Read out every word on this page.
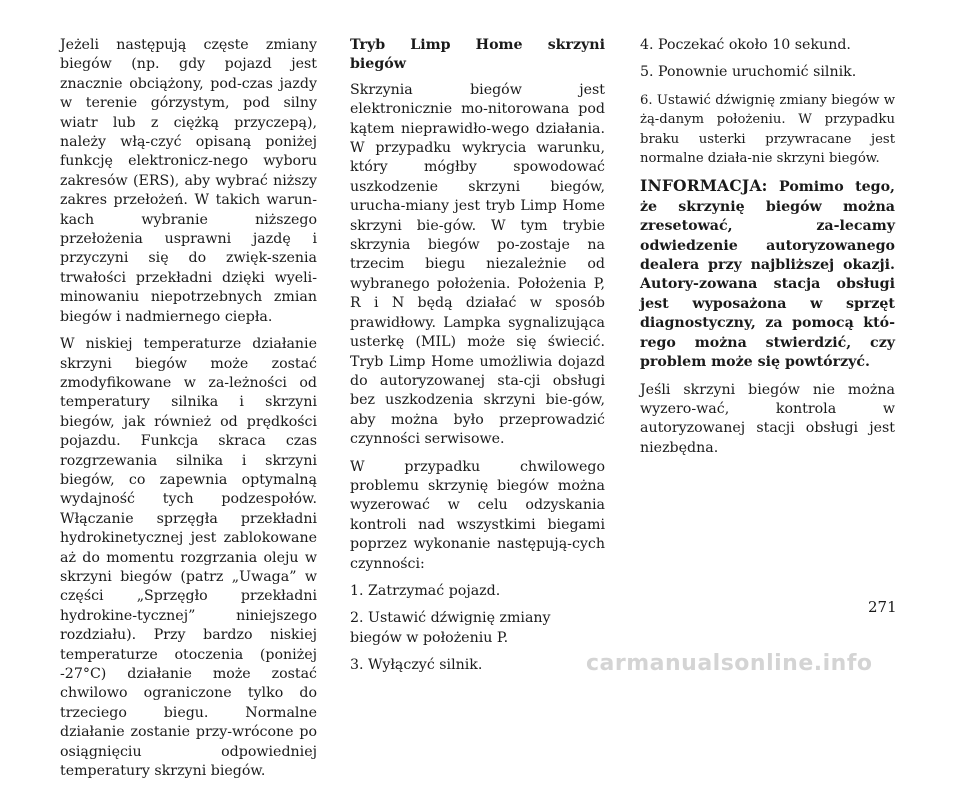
Jeżeli następują częste zmiany biegów (np. gdy pojazd jest znacznie obciążony, pod-czas jazdy w terenie górzystym, pod silny wiatr lub z ciężką przyczepą), należy włą-czyć opisaną poniżej funkcję elektronicz-nego wyboru zakresów (ERS), aby wybrać niższy zakres przełożeń. W takich warun-kach wybranie niższego przełożenia usprawni jazdę i przyczyni się do zwięk-szenia trwałości przekładni dzięki wyeli-minowaniu niepotrzebnych zmian biegów i nadmiernego ciepła.

W niskiej temperaturze działanie skrzyni biegów może zostać zmodyfikowane w za-leżności od temperatury silnika i skrzyni biegów, jak również od prędkości pojazdu. Funkcja skraca czas rozgrzewania silnika i skrzyni biegów, co zapewnia optymalną wydajność tych podzespołów. Włączanie sprzęgła przekładni hydrokinetycznej jest zablokowane aż do momentu rozgrzania oleju w skrzyni biegów (patrz „Uwaga” w części „Sprzęgło przekładni hydrokine-tycznej” niniejszego rozdziału). Przy bardzo niskiej temperaturze otoczenia (poniżej -27°C) działanie może zostać chwilowo ograniczone tylko do trzeciego biegu. Normalne działanie zostanie przy-wrócone po osiągnięciu odpowiedniej temperatury skrzyni biegów.

Tryb Limp Home skrzyni biegów

Skrzynia biegów jest elektronicznie mo-nitorowana pod kątem nieprawidło-wego działania. W przypadku wykrycia warunku, który mógłby spowodować uszkodzenie skrzyni biegów, urucha-miany jest tryb Limp Home skrzyni bie-gów. W tym trybie skrzynia biegów po-zostaje na trzecim biegu niezależnie od wybranego położenia. Położenia P, R i N będą działać w sposób prawidłowy. Lampka sygnalizująca usterkę (MIL) może się świecić. Tryb Limp Home umożliwia dojazd do autoryzowanej sta-cji obsługi bez uszkodzenia skrzyni bie-gów, aby można było przeprowadzić czynności serwisowe.

W przypadku chwilowego problemu skrzynię biegów można wyzerować w celu odzyskania kontroli nad wszystkimi biegami poprzez wykonanie następują-cych czynności:

1. Zatrzymać pojazd.

2. Ustawić dźwignię zmiany biegów w położeniu P.

3. Wyłączyć silnik.

4. Poczekać około 10 sekund.

5. Ponownie uruchomić silnik.

6. Ustawić dźwignię zmiany biegów w żą-danym położeniu. W przypadku braku usterki przywracane jest normalne działa-nie skrzyni biegów.

INFORMACJA: Pomimo tego, że skrzynię biegów można zresetować, za-lecamy odwiedzenie autoryzowanego dealera przy najbliższej okazji. Autory-zowana stacja obsługi jest wyposażona w sprzęt diagnostyczny, za pomocą któ-rego można stwierdzić, czy problem może się powtórzyć.

Jeśli skrzyni biegów nie można wyzero-wać, kontrola w autoryzowanej stacji obsługi jest niezbędna.

271
carmanualsonline.info
